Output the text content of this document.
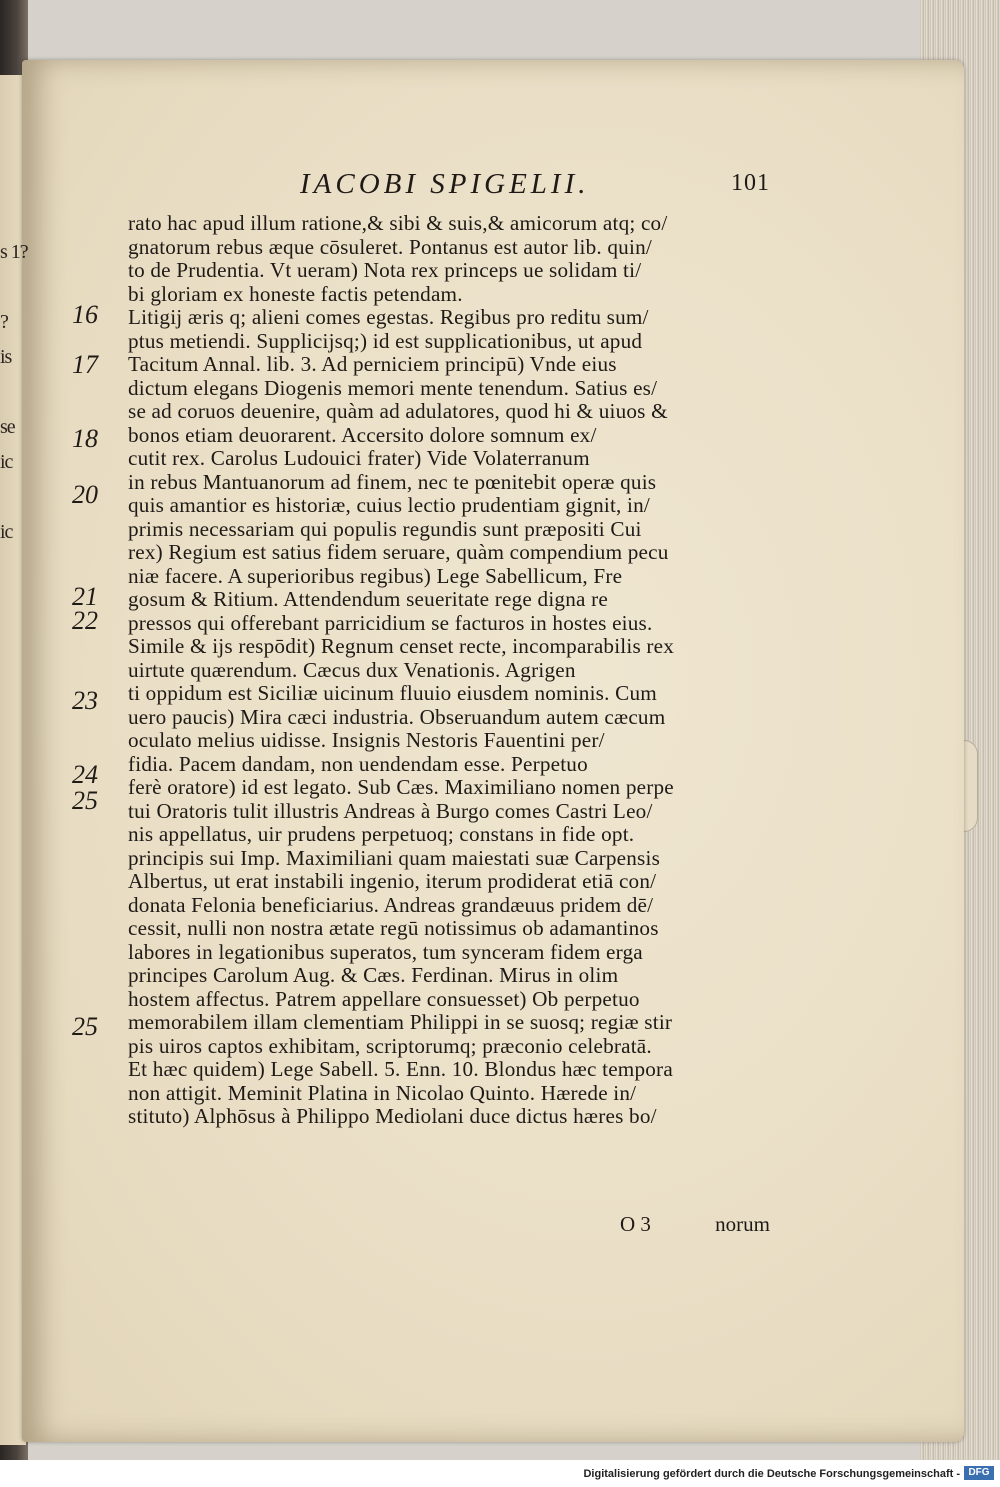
s 1?
?
is
se
ic
ic
IACOBI SPIGELII.	101
16
17
18
20
21
22
23
24
25
25
rato hac apud illum ratione,& sibi & suis,& amicorum atq; co/
gnatorum rebus æque cōsuleret. Pontanus est autor lib. quin/
to de Prudentia. Vt ueram) Nota rex princeps ue solidam ti/
bi gloriam ex honeste factis petendam.
Litigij æris q; alieni comes egestas. Regibus pro reditu sum/
ptus metiendi. Supplicijsq;) id est supplicationibus, ut apud
Tacitum Annal. lib. 3. Ad perniciem principū) Vnde eius
dictum elegans Diogenis memori mente tenendum. Satius es/
se ad coruos deuenire, quàm ad adulatores, quod hi & uiuos &
bonos etiam deuorarent. Accersito dolore somnum ex/
cutit rex. Carolus Ludouici frater) Vide Volaterranum
in rebus Mantuanorum ad finem, nec te pœnitebit operæ quis
quis amantior es historiæ, cuius lectio prudentiam gignit, in/
primis necessariam qui populis regundis sunt præpositi Cui
rex) Regium est satius fidem seruare, quàm compendium pecu
niæ facere. A superioribus regibus) Lege Sabellicum, Fre
gosum & Ritium. Attendendum seueritate rege digna re
pressos qui offerebant parricidium se facturos in hostes eius.
Simile & ijs respōdit) Regnum censet recte, incomparabilis rex
uirtute quærendum. Cæcus dux Venationis. Agrigen
ti oppidum est Siciliæ uicinum fluuio eiusdem nominis. Cum
uero paucis) Mira cæci industria. Obseruandum autem cæcum
oculato melius uidisse. Insignis Nestoris Fauentini per/
fidia. Pacem dandam, non uendendam esse. Perpetuo
ferè oratore) id est legato. Sub Cæs. Maximiliano nomen perpe
tui Oratoris tulit illustris Andreas à Burgo comes Castri Leo/
nis appellatus, uir prudens perpetuoq; constans in fide opt.
principis sui Imp. Maximiliani quam maiestati suæ Carpensis
Albertus, ut erat instabili ingenio, iterum prodiderat etiā con/
donata Felonia beneficiarius. Andreas grandæuus pridem dē/
cessit, nulli non nostra ætate regū notissimus ob adamantinos
labores in legationibus superatos, tum synceram fidem erga
principes Carolum Aug. & Cæs. Ferdinan. Mirus in olim
hostem affectus. Patrem appellare consuesset) Ob perpetuo
memorabilem illam clementiam Philippi in se suosq; regiæ stir
pis uiros captos exhibitam, scriptorumq; præconio celebratā.
Et hæc quidem) Lege Sabell. 5. Enn. 10. Blondus hæc tempora
non attigit. Meminit Platina in Nicolao Quinto. Hærede in/
stituto) Alphōsus à Philippo Mediolani duce dictus hæres bo/
O 3	norum
Digitalisierung gefördert durch die Deutsche Forschungsgemeinschaft - DFG
